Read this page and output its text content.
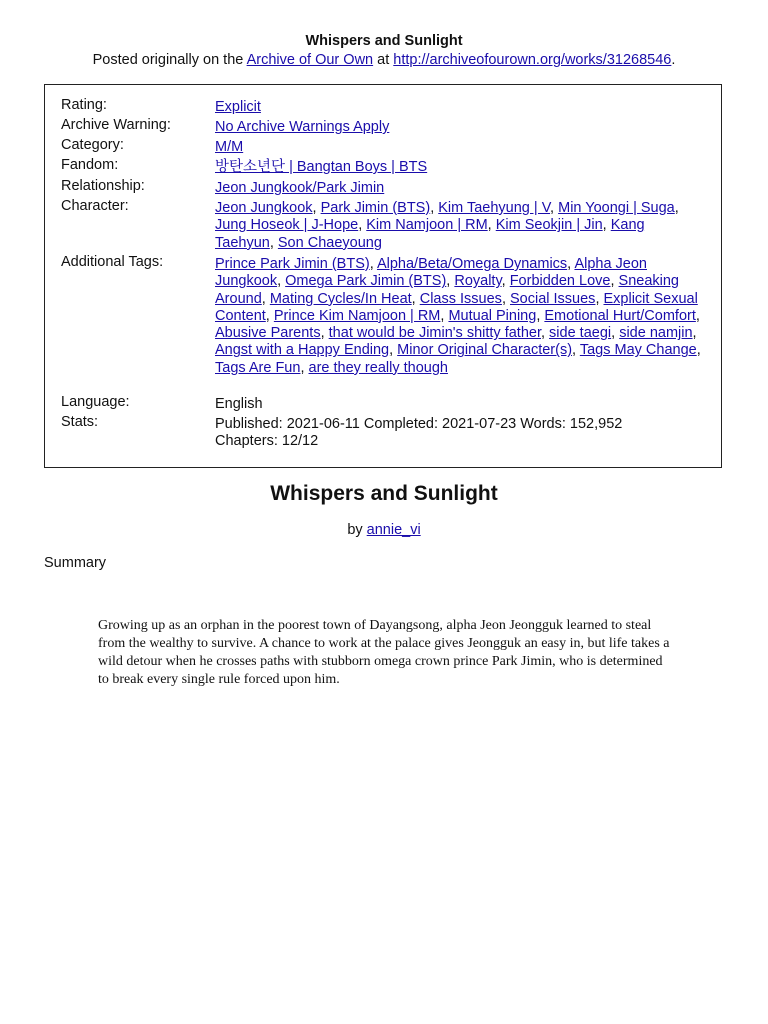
Whispers and Sunlight
Posted originally on the Archive of Our Own at http://archiveofourown.org/works/31268546.
Rating:	Explicit
Archive Warning:	No Archive Warnings Apply
Category:	M/M
Fandom:	방탄소년단 | Bangtan Boys | BTS
Relationship:	Jeon Jungkook/Park Jimin
Character:	Jeon Jungkook, Park Jimin (BTS), Kim Taehyung | V, Min Yoongi | Suga, Jung Hoseok | J-Hope, Kim Namjoon | RM, Kim Seokjin | Jin, Kang Taehyun, Son Chaeyoung
Additional Tags:	Prince Park Jimin (BTS), Alpha/Beta/Omega Dynamics, Alpha Jeon Jungkook, Omega Park Jimin (BTS), Royalty, Forbidden Love, Sneaking Around, Mating Cycles/In Heat, Class Issues, Social Issues, Explicit Sexual Content, Prince Kim Namjoon | RM, Mutual Pining, Emotional Hurt/Comfort, Abusive Parents, that would be Jimin's shitty father, side taegi, side namjin, Angst with a Happy Ending, Minor Original Character(s), Tags May Change, Tags Are Fun, are they really though
Language:	English
Stats:	Published: 2021-06-11 Completed: 2021-07-23 Words: 152,952 Chapters: 12/12
Whispers and Sunlight
by annie_vi
Summary
Growing up as an orphan in the poorest town of Dayangsong, alpha Jeon Jeongguk learned to steal from the wealthy to survive. A chance to work at the palace gives Jeongguk an easy in, but life takes a wild detour when he crosses paths with stubborn omega crown prince Park Jimin, who is determined to break every single rule forced upon him.
